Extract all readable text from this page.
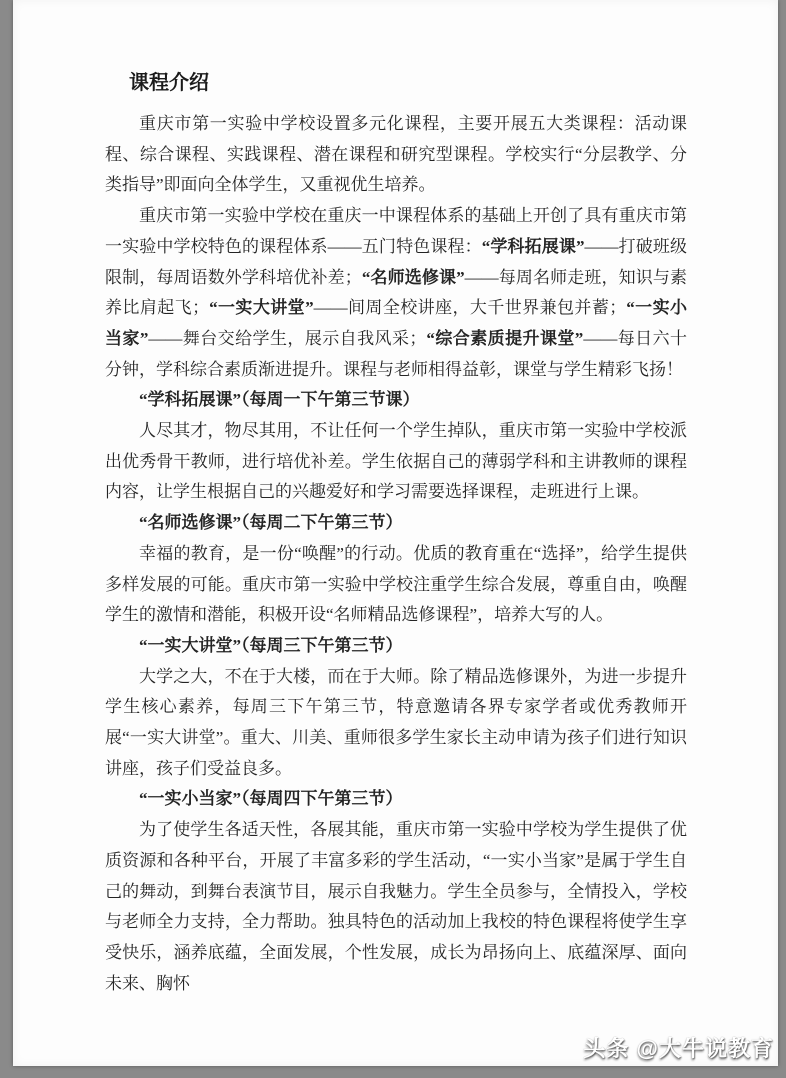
课程介绍

重庆市第一实验中学校设置多元化课程，主要开展五大类课程：活动课程、综合课程、实践课程、潜在课程和研究型课程。学校实行“分层教学、分类指导”即面向全体学生，又重视优生培养。

重庆市第一实验中学校在重庆一中课程体系的基础上开创了具有重庆市第一实验中学校特色的课程体系——五门特色课程：“学科拓展课”——打破班级限制，每周语数外学科培优补差；“名师选修课”——每周名师走班，知识与素养比肩起飞；“一实大讲堂”——间周全校讲座，大千世界兼包并蓄；“一实小当家”——舞台交给学生，展示自我风采；“综合素质提升课堂”——每日六十分钟，学科综合素质渐进提升。课程与老师相得益彰，课堂与学生精彩飞扬！

“学科拓展课”（每周一下午第三节课）

人尽其才，物尽其用，不让任何一个学生掉队，重庆市第一实验中学校派出优秀骨干教师，进行培优补差。学生依据自己的薄弱学科和主讲教师的课程内容，让学生根据自己的兴趣爱好和学习需要选择课程，走班进行上课。

“名师选修课”（每周二下午第三节）

幸福的教育，是一份“唤醒”的行动。优质的教育重在“选择”，给学生提供多样发展的可能。重庆市第一实验中学校注重学生综合发展，尊重自由，唤醒学生的激情和潜能，积极开设“名师精品选修课程”，培养大写的人。

“一实大讲堂”（每周三下午第三节）

大学之大，不在于大楼，而在于大师。除了精品选修课外，为进一步提升学生核心素养，每周三下午第三节，特意邀请各界专家学者或优秀教师开展“一实大讲堂”。重大、川美、重师很多学生家长主动申请为孩子们进行知识讲座，孩子们受益良多。

“一实小当家”（每周四下午第三节）

为了使学生各适天性，各展其能，重庆市第一实验中学校为学生提供了优质资源和各种平台，开展了丰富多彩的学生活动，“一实小当家”是属于学生自己的舞动，到舞台表演节目，展示自我魅力。学生全员参与，全情投入，学校与老师全力支持，全力帮助。独具特色的活动加上我校的特色课程将使学生享受快乐，涵养底蕴，全面发展，个性发展，成长为昂扬向上、底蕴深厚、面向未来、胸怀

头条 @大牛说教育
